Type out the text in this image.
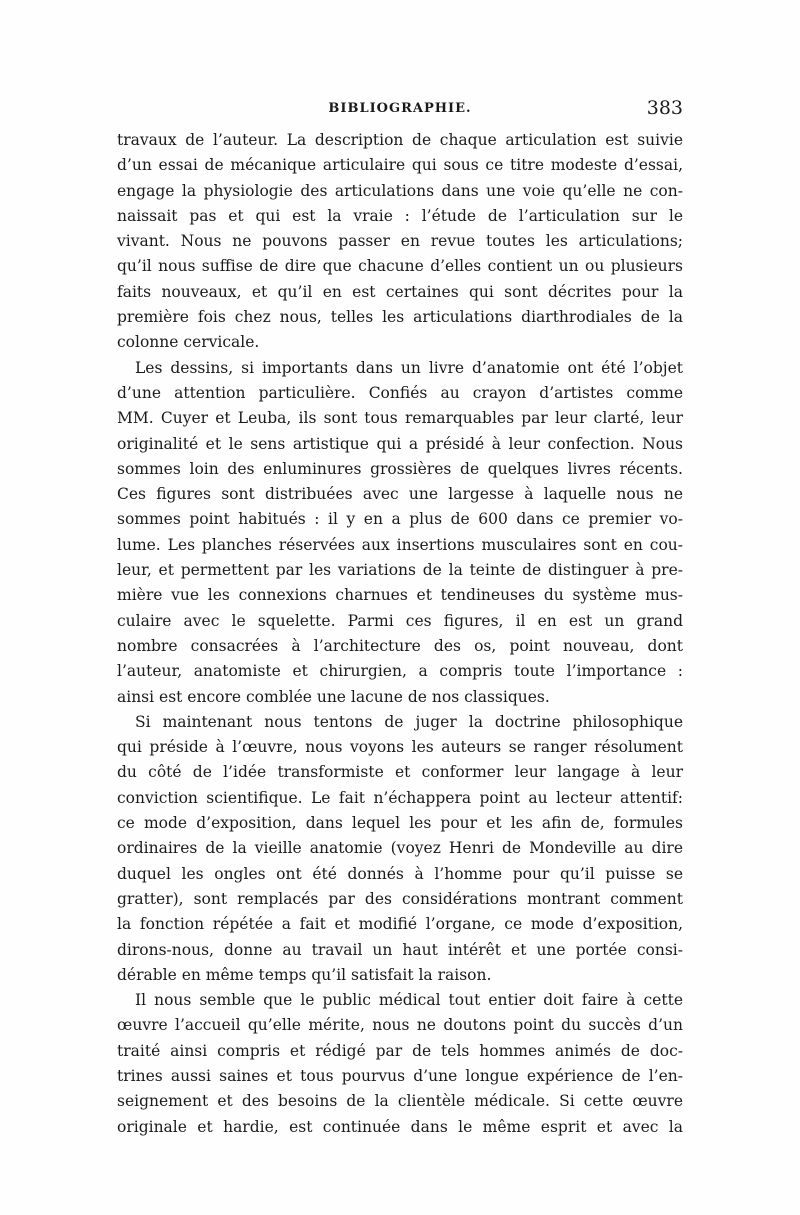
BIBLIOGRAPHIE.	383
travaux de l’auteur. La description de chaque articulation est suivie
d’un essai de mécanique articulaire qui sous ce titre modeste d’essai,
engage la physiologie des articulations dans une voie qu’elle ne con-
naissait pas et qui est la vraie : l’étude de l’articulation sur le
vivant. Nous ne pouvons passer en revue toutes les articulations;
qu’il nous suffise de dire que chacune d’elles contient un ou plusieurs
faits nouveaux, et qu’il en est certaines qui sont décrites pour la
première fois chez nous, telles les articulations diarthrodiales de la
colonne cervicale.
Les dessins, si importants dans un livre d’anatomie ont été l’objet
d’une attention particulière. Confiés au crayon d’artistes comme
MM. Cuyer et Leuba, ils sont tous remarquables par leur clarté, leur
originalité et le sens artistique qui a présidé à leur confection. Nous
sommes loin des enluminures grossières de quelques livres récents.
Ces figures sont distribuées avec une largesse à laquelle nous ne
sommes point habitués : il y en a plus de 600 dans ce premier vo-
lume. Les planches réservées aux insertions musculaires sont en cou-
leur, et permettent par les variations de la teinte de distinguer à pre-
mière vue les connexions charnues et tendineuses du système mus-
culaire avec le squelette. Parmi ces figures, il en est un grand
nombre consacrées à l’architecture des os, point nouveau, dont
l’auteur, anatomiste et chirurgien, a compris toute l’importance :
ainsi est encore comblée une lacune de nos classiques.
Si maintenant nous tentons de juger la doctrine philosophique
qui préside à l’œuvre, nous voyons les auteurs se ranger résolument
du côté de l’idée transformiste et conformer leur langage à leur
conviction scientifique. Le fait n’échappera point au lecteur attentif:
ce mode d’exposition, dans lequel les pour et les afin de, formules
ordinaires de la vieille anatomie (voyez Henri de Mondeville au dire
duquel les ongles ont été donnés à l’homme pour qu’il puisse se
gratter), sont remplacés par des considérations montrant comment
la fonction répétée a fait et modifié l’organe, ce mode d’exposition,
dirons-nous, donne au travail un haut intérêt et une portée consi-
dérable en même temps qu’il satisfait la raison.
Il nous semble que le public médical tout entier doit faire à cette
œuvre l’accueil qu’elle mérite, nous ne doutons point du succès d’un
traité ainsi compris et rédigé par de tels hommes animés de doc-
trines aussi saines et tous pourvus d’une longue expérience de l’en-
seignement et des besoins de la clientèle médicale. Si cette œuvre
originale et hardie, est continuée dans le même esprit et avec la
